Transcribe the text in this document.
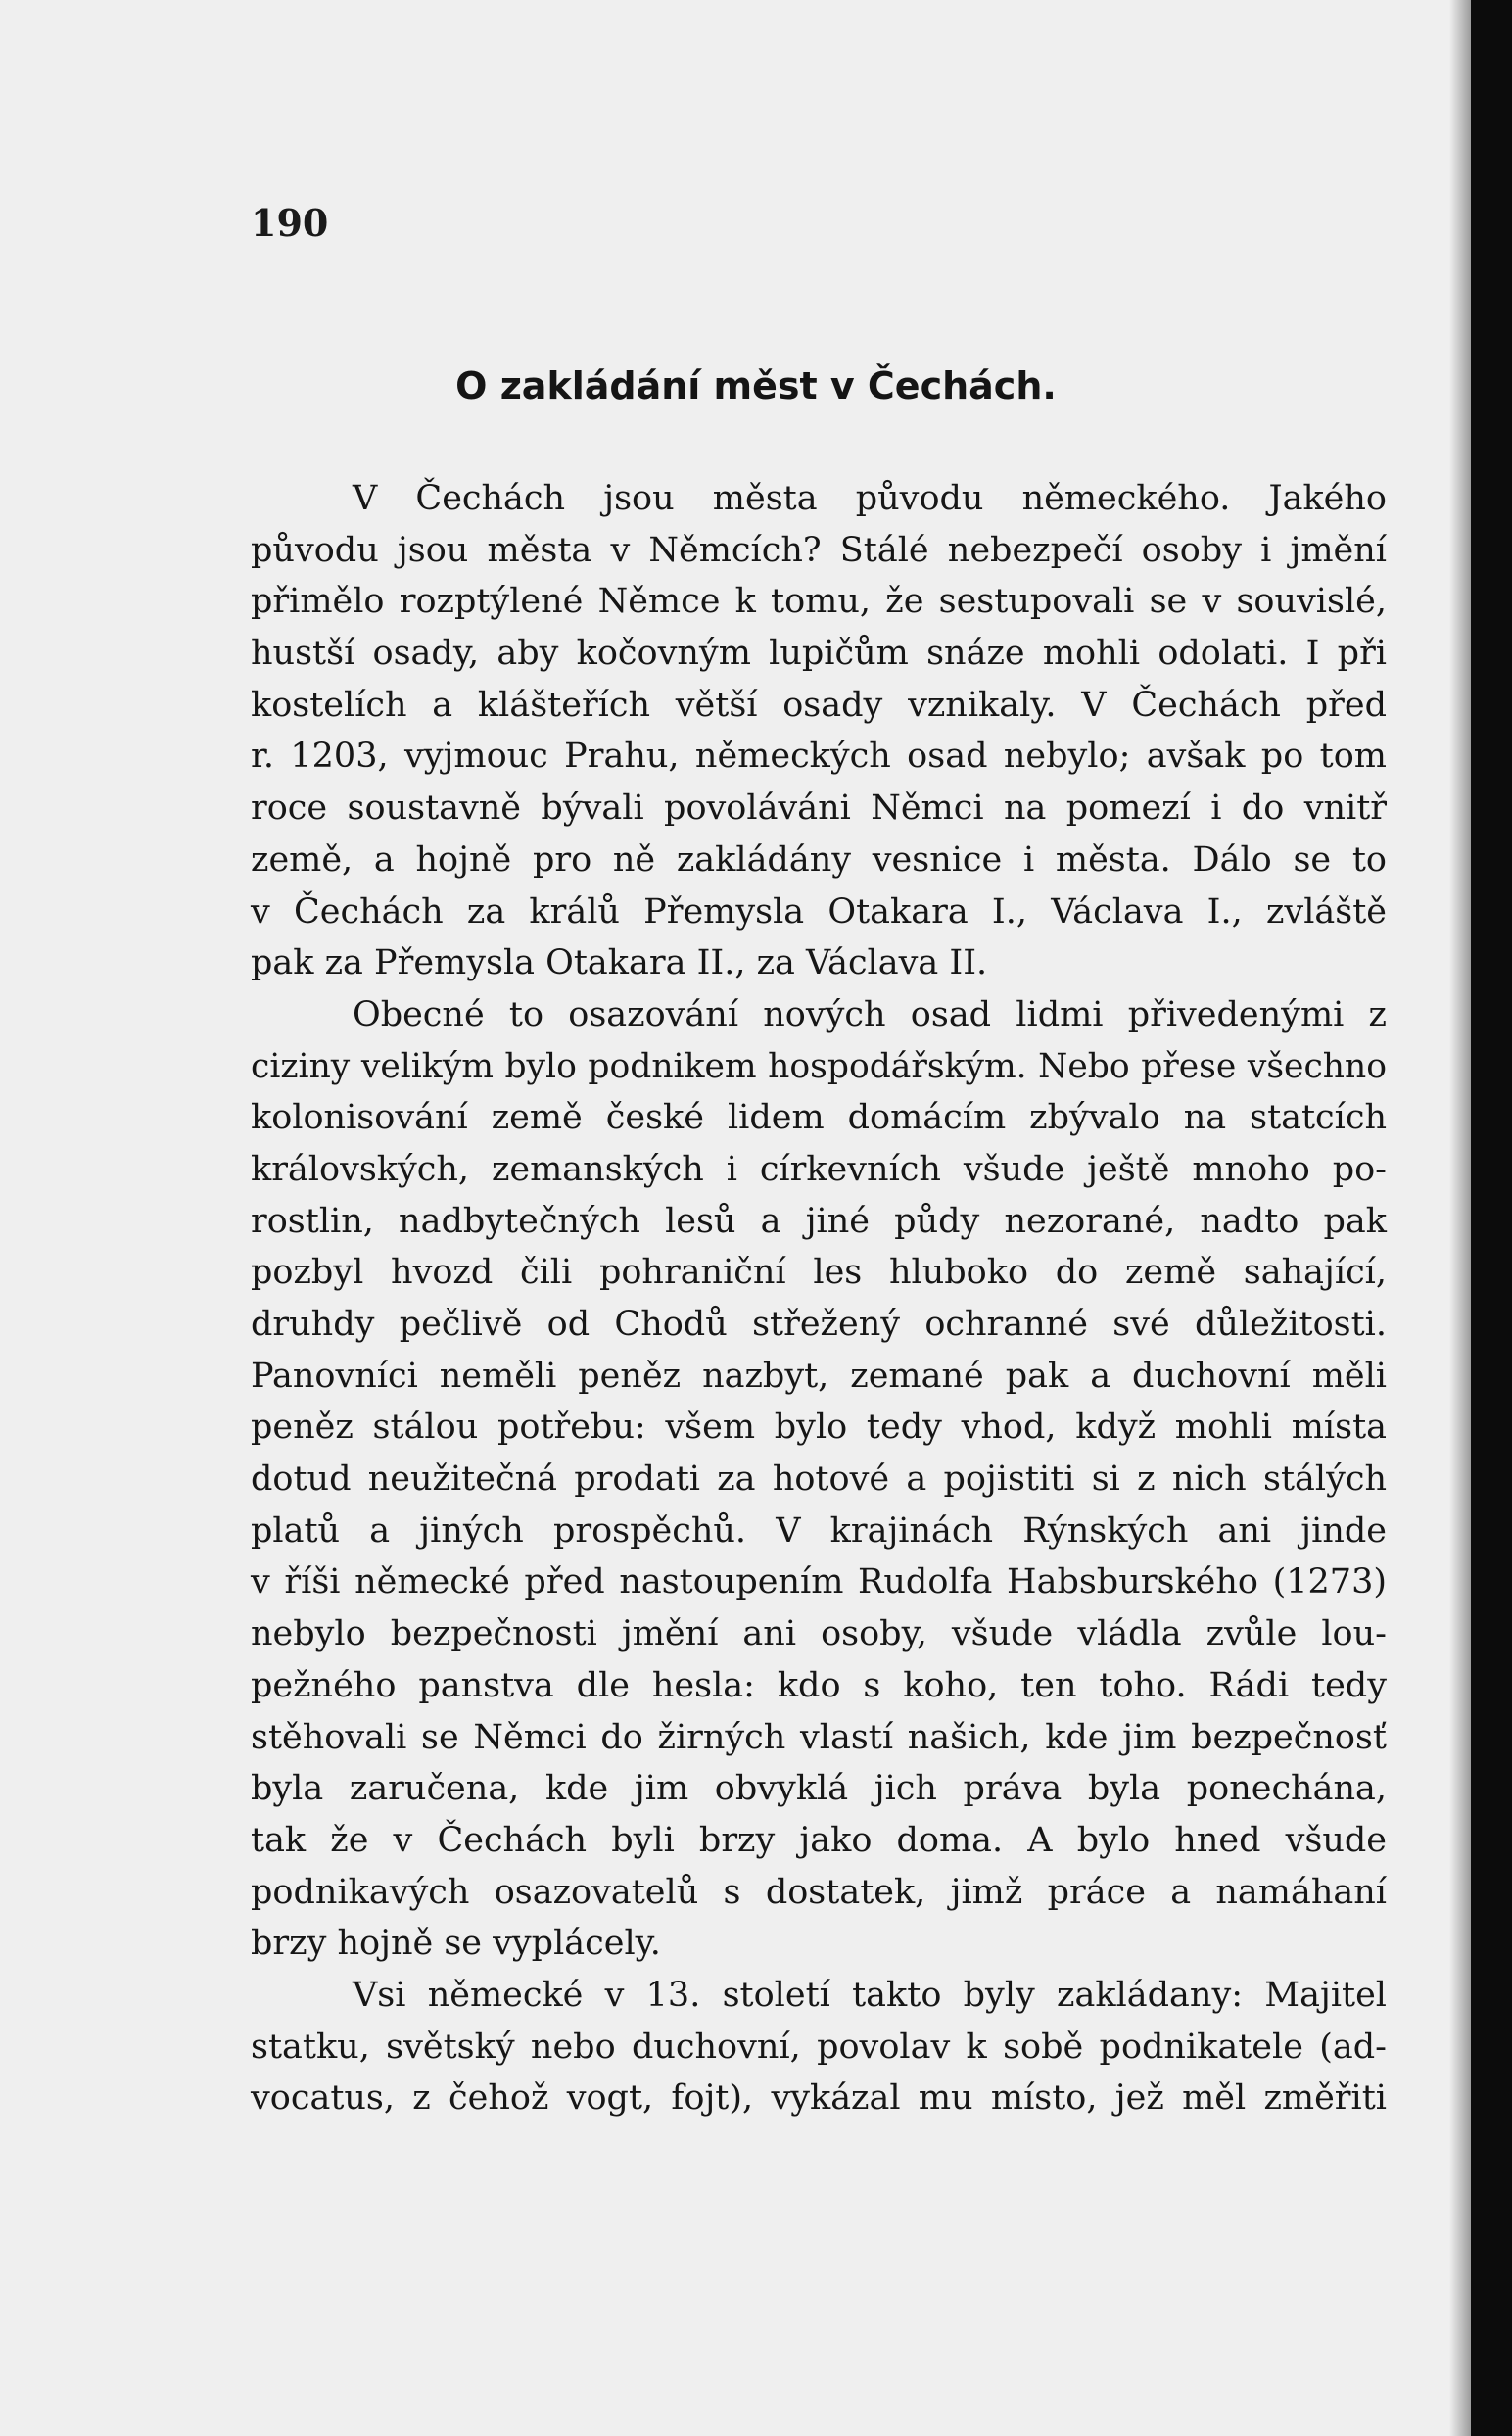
190
O zakládání měst v Čechách.
V Čechách jsou města původu německého. Jakého
původu jsou města v Němcích? Stálé nebezpečí osoby i jmění
přimělo rozptýlené Němce k tomu, že sestupovali se v souvislé,
hustší osady, aby kočovným lupičům snáze mohli odolati. I při
kostelích a klášteřích větší osady vznikaly. V Čechách před
r. 1203, vyjmouc Prahu, německých osad nebylo; avšak po tom
roce soustavně bývali povoláváni Němci na pomezí i do vnitř
země, a hojně pro ně zakládány vesnice i města. Dálo se to
v Čechách za králů Přemysla Otakara I., Václava I., zvláště
pak za Přemysla Otakara II., za Václava II.
Obecné to osazování nových osad lidmi přivedenými z
ciziny velikým bylo podnikem hospodářským. Nebo přese všechno
kolonisování země české lidem domácím zbývalo na statcích
královských, zemanských i církevních všude ještě mnoho po-
rostlin, nadbytečných lesů a jiné půdy nezorané, nadto pak
pozbyl hvozd čili pohraniční les hluboko do země sahající,
druhdy pečlivě od Chodů střežený ochranné své důležitosti.
Panovníci neměli peněz nazbyt, zemané pak a duchovní měli
peněz stálou potřebu: všem bylo tedy vhod, když mohli místa
dotud neužitečná prodati za hotové a pojistiti si z nich stálých
platů a jiných prospěchů. V krajinách Rýnských ani jinde
v říši německé před nastoupením Rudolfa Habsburského (1273)
nebylo bezpečnosti jmění ani osoby, všude vládla zvůle lou-
pežného panstva dle hesla: kdo s koho, ten toho. Rádi tedy
stěhovali se Němci do žirných vlastí našich, kde jim bezpečnosť
byla zaručena, kde jim obvyklá jich práva byla ponechána,
tak že v Čechách byli brzy jako doma. A bylo hned všude
podnikavých osazovatelů s dostatek, jimž práce a namáhaní
brzy hojně se vyplácely.
Vsi německé v 13. století takto byly zakládany: Majitel
statku, světský nebo duchovní, povolav k sobě podnikatele (ad-
vocatus, z čehož vogt, fojt), vykázal mu místo, jež měl změřiti
